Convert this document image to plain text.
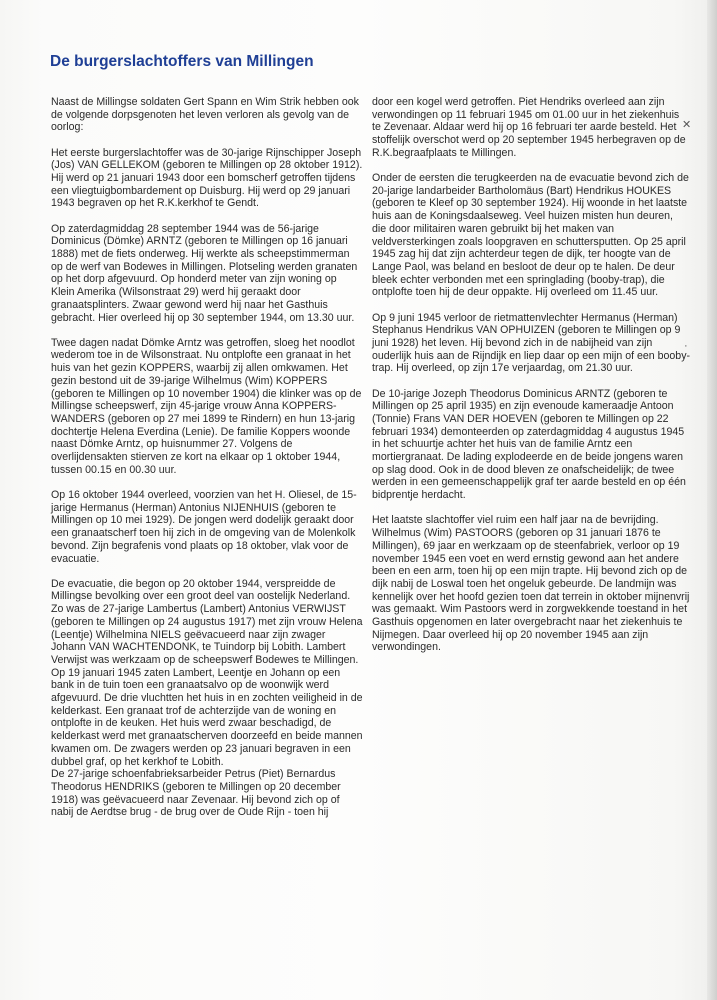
De burgerslachtoffers van Millingen

Naast de Millingse soldaten Gert Spann en Wim Strik hebben ook de volgende dorpsgenoten het leven verloren als gevolg van de oorlog:

Het eerste burgerslachtoffer was de 30-jarige Rijnschipper Joseph (Jos) VAN GELLEKOM (geboren te Millingen op 28 oktober 1912). Hij werd op 21 januari 1943 door een bomscherf getroffen tijdens een vliegtuigbombardement op Duisburg. Hij werd op 29 januari 1943 begraven op het R.K.kerkhof te Gendt.

Op zaterdagmiddag 28 september 1944 was de 56-jarige Dominicus (Dömke) ARNTZ (geboren te Millingen op 16 januari 1888) met de fiets onderweg. Hij werkte als scheepstimmerman op de werf van Bodewes in Millingen. Plotseling werden granaten op het dorp afgevuurd. Op honderd meter van zijn woning op Klein Amerika (Wilsonstraat 29) werd hij geraakt door granaatsplinters. Zwaar gewond werd hij naar het Gasthuis gebracht. Hier overleed hij op 30 september 1944, om 13.30 uur.

Twee dagen nadat Dömke Arntz was getroffen, sloeg het noodlot wederom toe in de Wilsonstraat. Nu ontplofte een granaat in het huis van het gezin KOPPERS, waarbij zij allen omkwamen. Het gezin bestond uit de 39-jarige Wilhelmus (Wim) KOPPERS (geboren te Millingen op 10 november 1904) die klinker was op de Millingse scheepswerf, zijn 45-jarige vrouw Anna KOPPERS-WANDERS (geboren op 27 mei 1899 te Rindern) en hun 13-jarig dochtertje Helena Everdina (Lenie). De familie Koppers woonde naast Dömke Arntz, op huisnummer 27. Volgens de overlijdensakten stierven ze kort na elkaar op 1 oktober 1944, tussen 00.15 en 00.30 uur.

Op 16 oktober 1944 overleed, voorzien van het H. Oliesel, de 15-jarige Hermanus (Herman) Antonius NIJENHUIS (geboren te Millingen op 10 mei 1929). De jongen werd dodelijk geraakt door een granaatscherf toen hij zich in de omgeving van de Molenkolk bevond. Zijn begrafenis vond plaats op 18 oktober, vlak voor de evacuatie.

De evacuatie, die begon op 20 oktober 1944, verspreidde de Millingse bevolking over een groot deel van oostelijk Nederland. Zo was de 27-jarige Lambertus (Lambert) Antonius VERWIJST (geboren te Millingen op 24 augustus 1917) met zijn vrouw Helena (Leentje) Wilhelmina NIELS geëvacueerd naar zijn zwager Johann VAN WACHTENDONK, te Tuindorp bij Lobith. Lambert Verwijst was werkzaam op de scheepswerf Bodewes te Millingen. Op 19 januari 1945 zaten Lambert, Leentje en Johann op een bank in de tuin toen een granaatsalvo op de woonwijk werd afgevuurd. De drie vluchtten het huis in en zochten veiligheid in de kelderkast. Een granaat trof de achterzijde van de woning en ontplofte in de keuken. Het huis werd zwaar beschadigd, de kelderkast werd met granaatscherven doorzeefd en beide mannen kwamen om. De zwagers werden op 23 januari begraven in een dubbel graf, op het kerkhof te Lobith.

De 27-jarige schoenfabrieksarbeider Petrus (Piet) Bernardus Theodorus HENDRIKS (geboren te Millingen op 20 december 1918) was geëvacueerd naar Zevenaar. Hij bevond zich op of nabij de Aerdtse brug - de brug over de Oude Rijn - toen hij

door een kogel werd getroffen. Piet Hendriks overleed aan zijn verwondingen op 11 februari 1945 om 01.00 uur in het ziekenhuis te Zevenaar. Aldaar werd hij op 16 februari ter aarde besteld. Het stoffelijk overschot werd op 20 september 1945 herbegraven op de R.K.begraafplaats te Millingen.

Onder de eersten die terugkeerden na de evacuatie bevond zich de 20-jarige landarbeider Bartholomäus (Bart) Hendrikus HOUKES (geboren te Kleef op 30 september 1924). Hij woonde in het laatste huis aan de Koningsdaalseweg. Veel huizen misten hun deuren, die door militairen waren gebruikt bij het maken van veldversterkingen zoals loopgraven en schuttersputten. Op 25 april 1945 zag hij dat zijn achterdeur tegen de dijk, ter hoogte van de Lange Paol, was beland en besloot de deur op te halen. De deur bleek echter verbonden met een springlading (booby-trap), die ontplofte toen hij de deur oppakte. Hij overleed om 11.45 uur.

Op 9 juni 1945 verloor de rietmattenvlechter Hermanus (Herman) Stephanus Hendrikus VAN OPHUIZEN (geboren te Millingen op 9 juni 1928) het leven. Hij bevond zich in de nabijheid van zijn ouderlijk huis aan de Rijndijk en liep daar op een mijn of een booby-trap. Hij overleed, op zijn 17e verjaardag, om 21.30 uur.

De 10-jarige Jozeph Theodorus Dominicus ARNTZ (geboren te Millingen op 25 april 1935) en zijn evenoude kameraadje Antoon (Tonnie) Frans VAN DER HOEVEN (geboren te Millingen op 22 februari 1934) demonteerden op zaterdagmiddag 4 augustus 1945 in het schuurtje achter het huis van de familie Arntz een mortiergranaat. De lading explodeerde en de beide jongens waren op slag dood. Ook in de dood bleven ze onafscheidelijk; de twee werden in een gemeenschappelijk graf ter aarde besteld en op één bidprentje herdacht.

Het laatste slachtoffer viel ruim een half jaar na de bevrijding. Wilhelmus (Wim) PASTOORS (geboren op 31 januari 1876 te Millingen), 69 jaar en werkzaam op de steenfabriek, verloor op 19 november 1945 een voet en werd ernstig gewond aan het andere been en een arm, toen hij op een mijn trapte. Hij bevond zich op de dijk nabij de Loswal toen het ongeluk gebeurde. De landmijn was kennelijk over het hoofd gezien toen dat terrein in oktober mijnenvrij was gemaakt. Wim Pastoors werd in zorgwekkende toestand in het Gasthuis opgenomen en later overgebracht naar het ziekenhuis te Nijmegen. Daar overleed hij op 20 november 1945 aan zijn verwondingen.

✕
·
